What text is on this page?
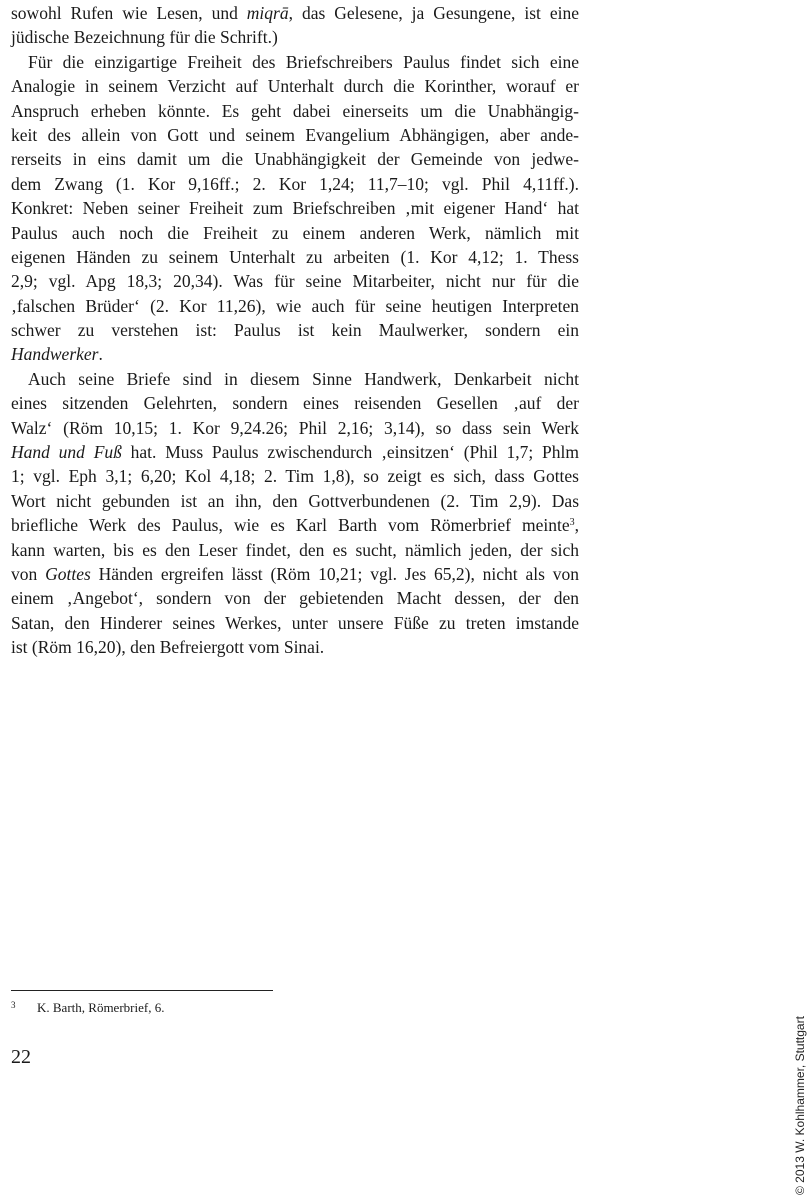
sowohl Rufen wie Lesen, und miqrā, das Gelesene, ja Gesungene, ist eine
jüdische Bezeichnung für die Schrift.)
Für die einzigartige Freiheit des Briefschreibers Paulus findet sich eine
Analogie in seinem Verzicht auf Unterhalt durch die Korinther, worauf er
Anspruch erheben könnte. Es geht dabei einerseits um die Unabhängig-
keit des allein von Gott und seinem Evangelium Abhängigen, aber ande-
rerseits in eins damit um die Unabhängigkeit der Gemeinde von jedwe-
dem Zwang (1. Kor 9,16ff.; 2. Kor 1,24; 11,7–10; vgl. Phil 4,11ff.).
Konkret: Neben seiner Freiheit zum Briefschreiben ‚mit eigener Hand‘ hat
Paulus auch noch die Freiheit zu einem anderen Werk, nämlich mit
eigenen Händen zu seinem Unterhalt zu arbeiten (1. Kor 4,12; 1. Thess
2,9; vgl. Apg 18,3; 20,34). Was für seine Mitarbeiter, nicht nur für die
‚falschen Brüder‘ (2. Kor 11,26), wie auch für seine heutigen Interpreten
schwer zu verstehen ist: Paulus ist kein Maulwerker, sondern ein
Handwerker.
Auch seine Briefe sind in diesem Sinne Handwerk, Denkarbeit nicht
eines sitzenden Gelehrten, sondern eines reisenden Gesellen ‚auf der
Walz‘ (Röm 10,15; 1. Kor 9,24.26; Phil 2,16; 3,14), so dass sein Werk
Hand und Fuß hat. Muss Paulus zwischendurch ‚einsitzen‘ (Phil 1,7; Phlm
1; vgl. Eph 3,1; 6,20; Kol 4,18; 2. Tim 1,8), so zeigt es sich, dass Gottes
Wort nicht gebunden ist an ihn, den Gottverbundenen (2. Tim 2,9). Das
briefliche Werk des Paulus, wie es Karl Barth vom Römerbrief meinte$^3$,
kann warten, bis es den Leser findet, den es sucht, nämlich jeden, der sich
von Gottes Händen ergreifen lässt (Röm 10,21; vgl. Jes 65,2), nicht als von
einem ‚Angebot‘, sondern von der gebietenden Macht dessen, der den
Satan, den Hinderer seines Werkes, unter unsere Füße zu treten imstande
ist (Röm 16,20), den Befreiergott vom Sinai.
$^3$ K. Barth, Römerbrief, 6.
22	© 2013 W. Kohlhammer, Stuttgart
